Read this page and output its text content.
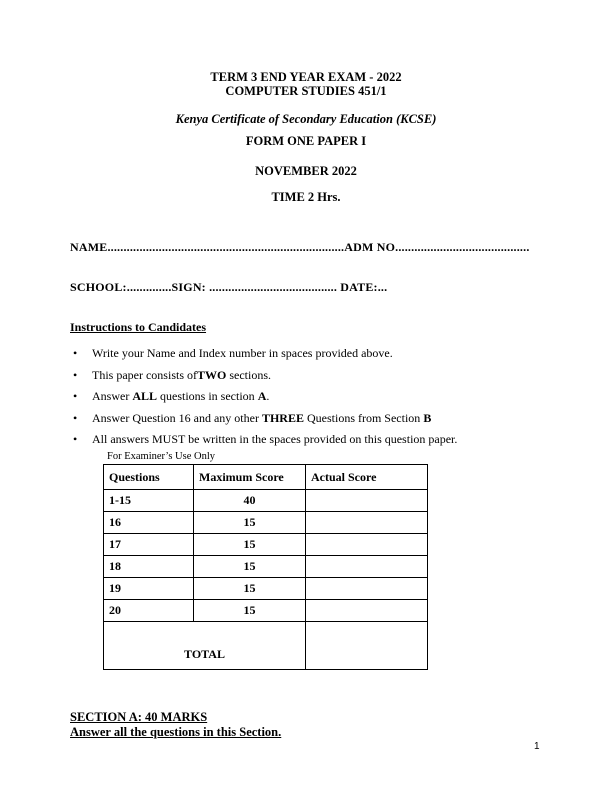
TERM 3 END YEAR EXAM - 2022
COMPUTER STUDIES 451/1
Kenya Certificate of Secondary Education (KCSE)
FORM ONE PAPER I
NOVEMBER 2022
TIME 2 Hrs.
NAME..........................................................................ADM NO..........................................
SCHOOL:..............SIGN: ........................................ DATE:...
Instructions to Candidates
•	Write your Name and Index number in spaces provided above.
•	This paper consists ofTWO sections.
•	Answer ALL questions in section A.
•	Answer Question 16 and any other THREE Questions from Section B
•	All answers MUST be written in the spaces provided on this question paper.
For Examiner’s Use Only
Questions	Maximum Score	Actual Score
1-15	40	
16	15	
17	15	
18	15	
19	15	
20	15	
TOTAL		
SECTION A: 40 MARKS
Answer all the questions in this Section.
1
